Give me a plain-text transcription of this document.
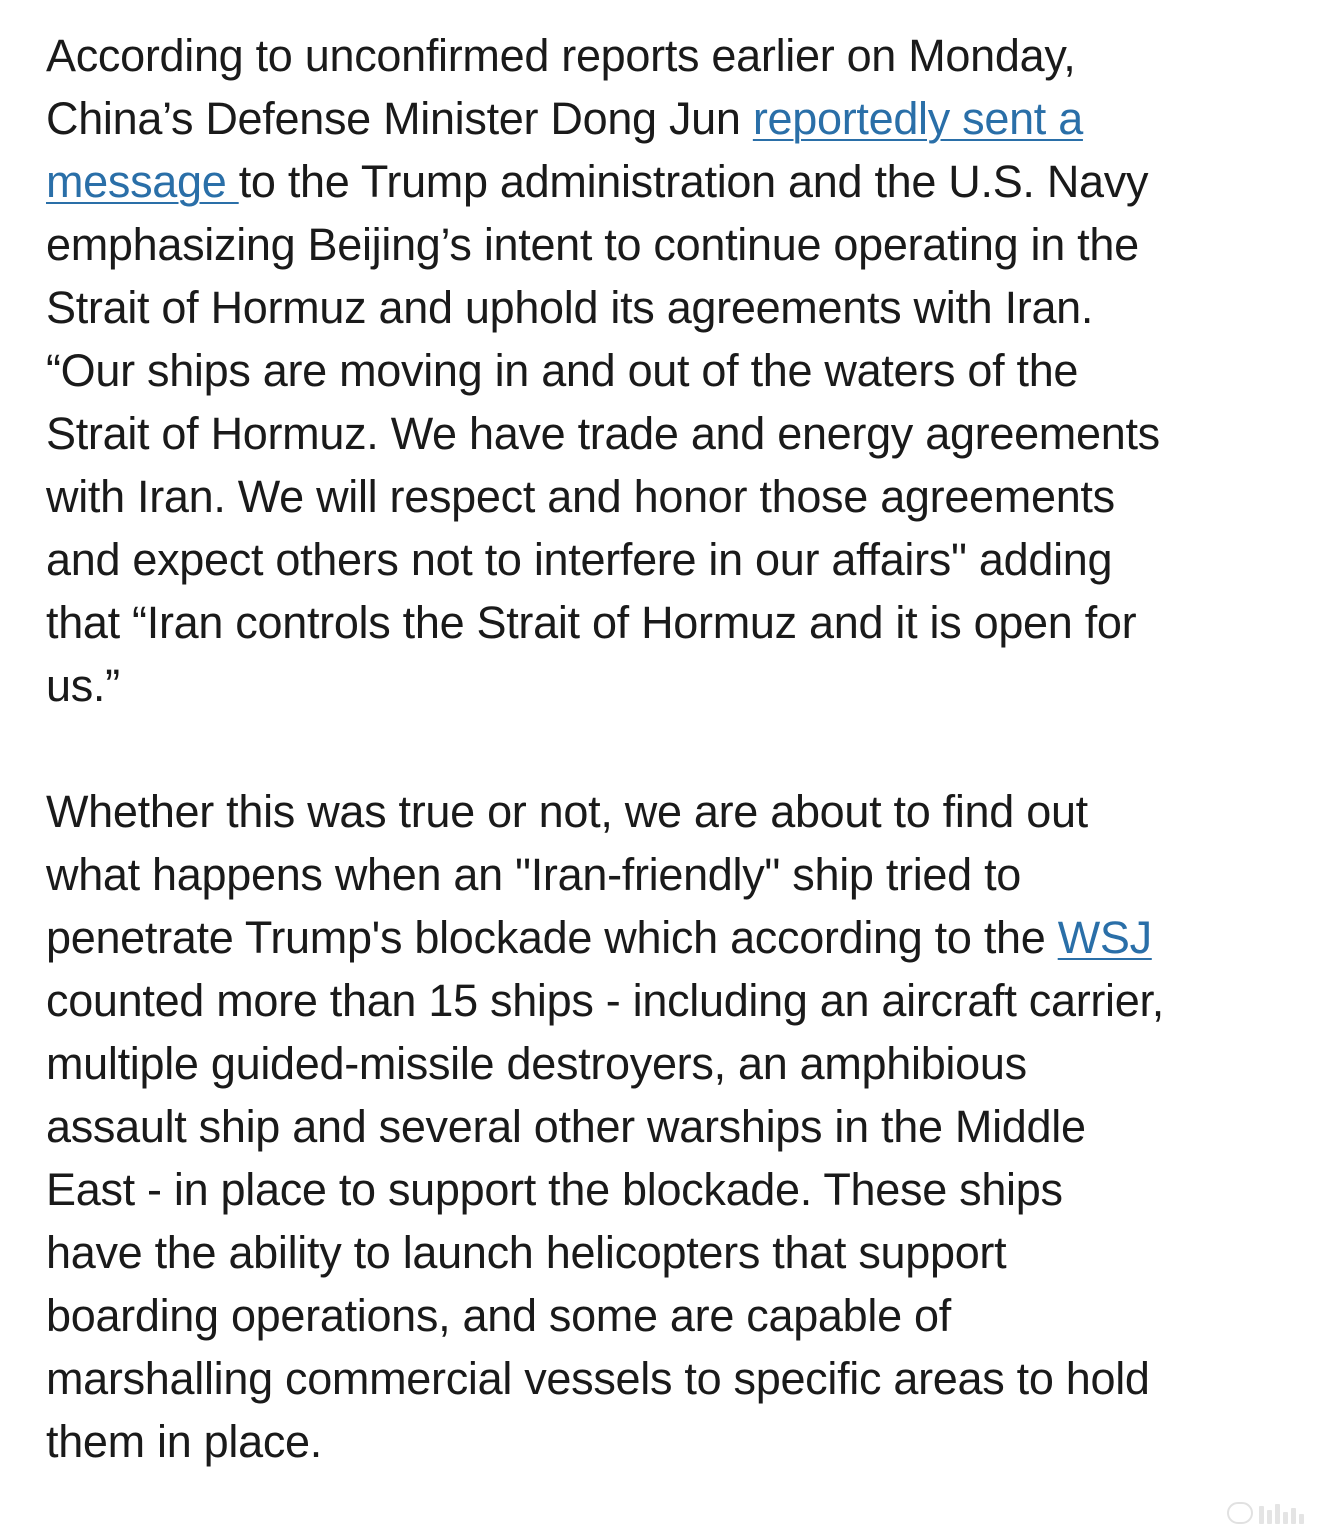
According to unconfirmed reports earlier on Monday,
China’s Defense Minister Dong Jun reportedly sent a
message to the Trump administration and the U.S. Navy
emphasizing Beijing’s intent to continue operating in the
Strait of Hormuz and uphold its agreements with Iran.
“Our ships are moving in and out of the waters of the
Strait of Hormuz. We have trade and energy agreements
with Iran. We will respect and honor those agreements
and expect others not to interfere in our affairs" adding
that “Iran controls the Strait of Hormuz and it is open for
us.”

Whether this was true or not, we are about to find out
what happens when an "Iran-friendly" ship tried to
penetrate Trump's blockade which according to the WSJ
counted more than 15 ships - including an aircraft carrier,
multiple guided-missile destroyers, an amphibious
assault ship and several other warships in the Middle
East - in place to support the blockade. These ships
have the ability to launch helicopters that support
boarding operations, and some are capable of
marshalling commercial vessels to specific areas to hold
them in place.
